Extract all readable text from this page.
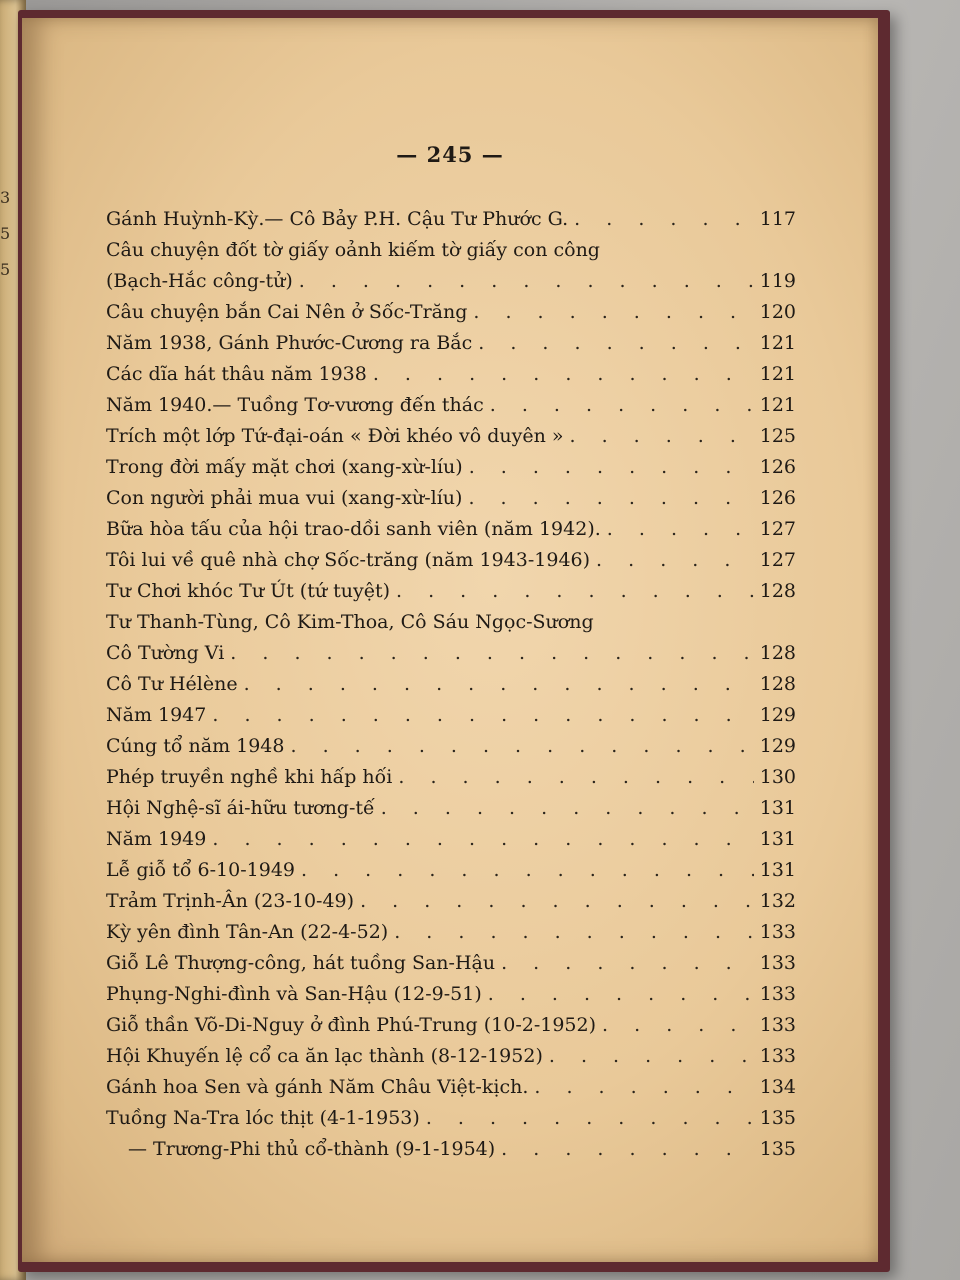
3
5
5
— 245 —
Gánh Huỳnh-Kỳ.— Cô Bảy P.H. Cậu Tư Phước G. . . .	117
Câu chuyện đốt tờ giấy oảnh kiếm tờ giấy con công
(Bạch-Hắc công-tử) . . .	119
Câu chuyện bắn Cai Nên ở Sốc-Trăng . . .	120
Năm 1938, Gánh Phước-Cương ra Bắc . . .	121
Các dĩa hát thâu năm 1938 . . .	121
Năm 1940.— Tuồng Tơ-vương đến thác . . .	121
Trích một lớp Tứ-đại-oán « Đời khéo vô duyên » . . .	125
Trong đời mấy mặt chơi (xang-xừ-líu) . . .	126
Con người phải mua vui (xang-xừ-líu) . . .	126
Bữa hòa tấu của hội trao-dồi sanh viên (năm 1942). . . .	127
Tôi lui về quê nhà chợ Sốc-trăng (năm 1943-1946) . . .	127
Tư Chơi khóc Tư Út (tứ tuyệt) . . .	128
Tư Thanh-Tùng, Cô Kim-Thoa, Cô Sáu Ngọc-Sương
Cô Tường Vi . . .	128
Cô Tư Hélène . . .	128
Năm 1947 . . .	129
Cúng tổ năm 1948 . . .	129
Phép truyền nghề khi hấp hối . . .	130
Hội Nghệ-sĩ ái-hữu tương-tế . . .	131
Năm 1949 . . .	131
Lễ giỗ tổ 6-10-1949 . . .	131
Trảm Trịnh-Ân (23-10-49) . . .	132
Kỳ yên đình Tân-An (22-4-52) . . .	133
Giỗ Lê Thượng-công, hát tuồng San-Hậu . . .	133
Phụng-Nghi-đình và San-Hậu (12-9-51) . . .	133
Giỗ thần Võ-Di-Nguy ở đình Phú-Trung (10-2-1952) . . .	133
Hội Khuyến lệ cổ ca ăn lạc thành (8-12-1952) . . .	133
Gánh hoa Sen và gánh Năm Châu Việt-kịch. . . .	134
Tuồng Na-Tra lóc thịt (4-1-1953) . . .	135
— Trương-Phi thủ cổ-thành (9-1-1954) . . .	135
